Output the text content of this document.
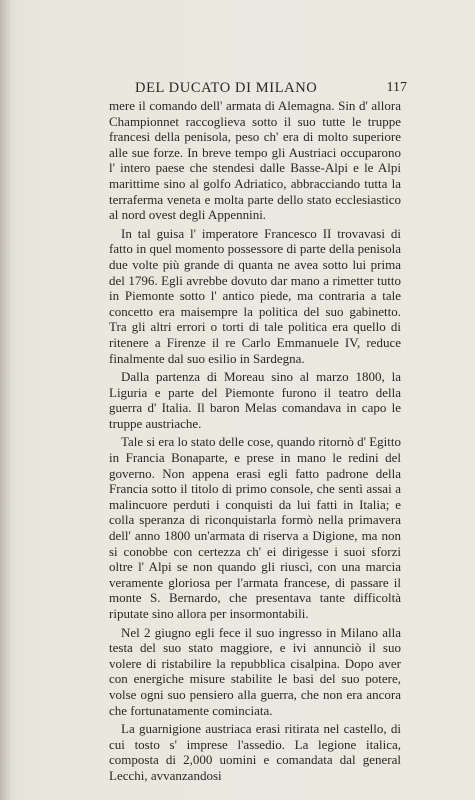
DEL DUCATO DI MILANO	117

mere il comando dell' armata di Alemagna. Sin d' allora Championnet raccoglieva sotto il suo tutte le truppe francesi della penisola, peso ch' era di molto superiore alle sue forze. In breve tempo gli Austriaci occuparono l' intero paese che stendesi dalle Basse-Alpi e le Alpi marittime sino al golfo Adriatico, abbracciando tutta la terraferma veneta e molta parte dello stato ecclesiastico al nord ovest degli Appennini.

In tal guisa l' imperatore Francesco II trovavasi di fatto in quel momento possessore di parte della penisola due volte più grande di quanta ne avea sotto lui prima del 1796. Egli avrebbe dovuto dar mano a rimetter tutto in Piemonte sotto l' antico piede, ma contraria a tale concetto era maisempre la politica del suo gabinetto. Tra gli altri errori o torti di tale politica era quello di ritenere a Firenze il re Carlo Emmanuele IV, reduce finalmente dal suo esilio in Sardegna.

Dalla partenza di Moreau sino al marzo 1800, la Liguria e parte del Piemonte furono il teatro della guerra d' Italia. Il baron Melas comandava in capo le truppe austriache.

Tale si era lo stato delle cose, quando ritornò d' Egitto in Francia Bonaparte, e prese in mano le redini del governo. Non appena erasi egli fatto padrone della Francia sotto il titolo di primo console, che sentì assai a malincuore perduti i conquisti da lui fatti in Italia; e colla speranza di riconquistarla formò nella primavera dell' anno 1800 un'armata di riserva a Digione, ma non si conobbe con certezza ch' ei dirigesse i suoi sforzi oltre l' Alpi se non quando gli riuscì, con una marcia veramente gloriosa per l'armata francese, di passare il monte S. Bernardo, che presentava tante difficoltà riputate sino allora per insormontabili.

Nel 2 giugno egli fece il suo ingresso in Milano alla testa del suo stato maggiore, e ivi annunciò il suo volere di ristabilire la repubblica cisalpina. Dopo aver con energiche misure stabilite le basi del suo potere, volse ogni suo pensiero alla guerra, che non era ancora che fortunatamente cominciata.

La guarnigione austriaca erasi ritirata nel castello, di cui tosto s' imprese l'assedio. La legione italica, composta di 2,000 uomini e comandata dal general Lecchi, avvanzandosi
